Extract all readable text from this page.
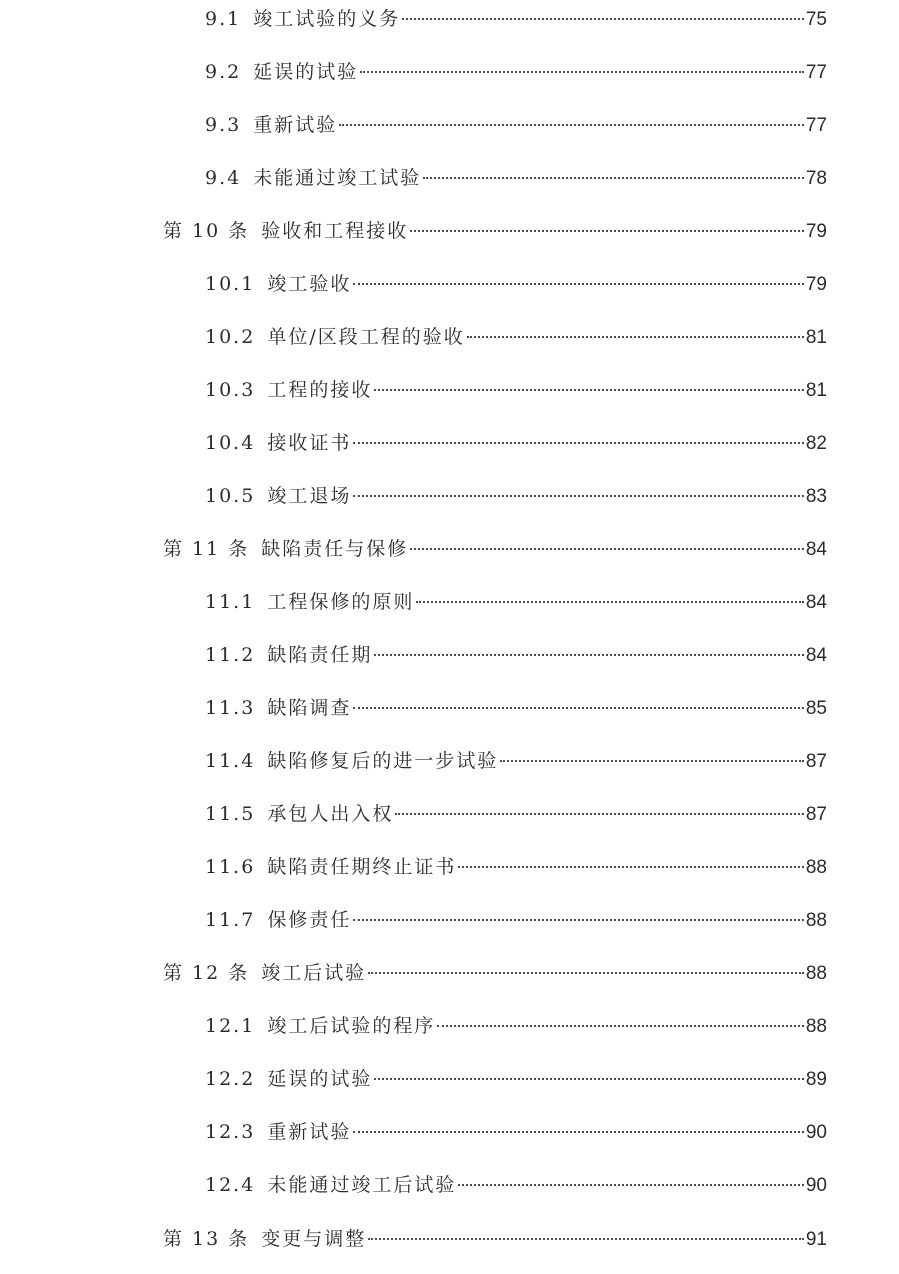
9.1 竣工试验的义务	75
9.2 延误的试验	77
9.3 重新试验	77
9.4 未能通过竣工试验	78
第 10 条 验收和工程接收	79
10.1 竣工验收	79
10.2 单位/区段工程的验收	81
10.3 工程的接收	81
10.4 接收证书	82
10.5 竣工退场	83
第 11 条 缺陷责任与保修	84
11.1 工程保修的原则	84
11.2 缺陷责任期	84
11.3 缺陷调查	85
11.4 缺陷修复后的进一步试验	87
11.5 承包人出入权	87
11.6 缺陷责任期终止证书	88
11.7 保修责任	88
第 12 条 竣工后试验	88
12.1 竣工后试验的程序	88
12.2 延误的试验	89
12.3 重新试验	90
12.4 未能通过竣工后试验	90
第 13 条 变更与调整	91
